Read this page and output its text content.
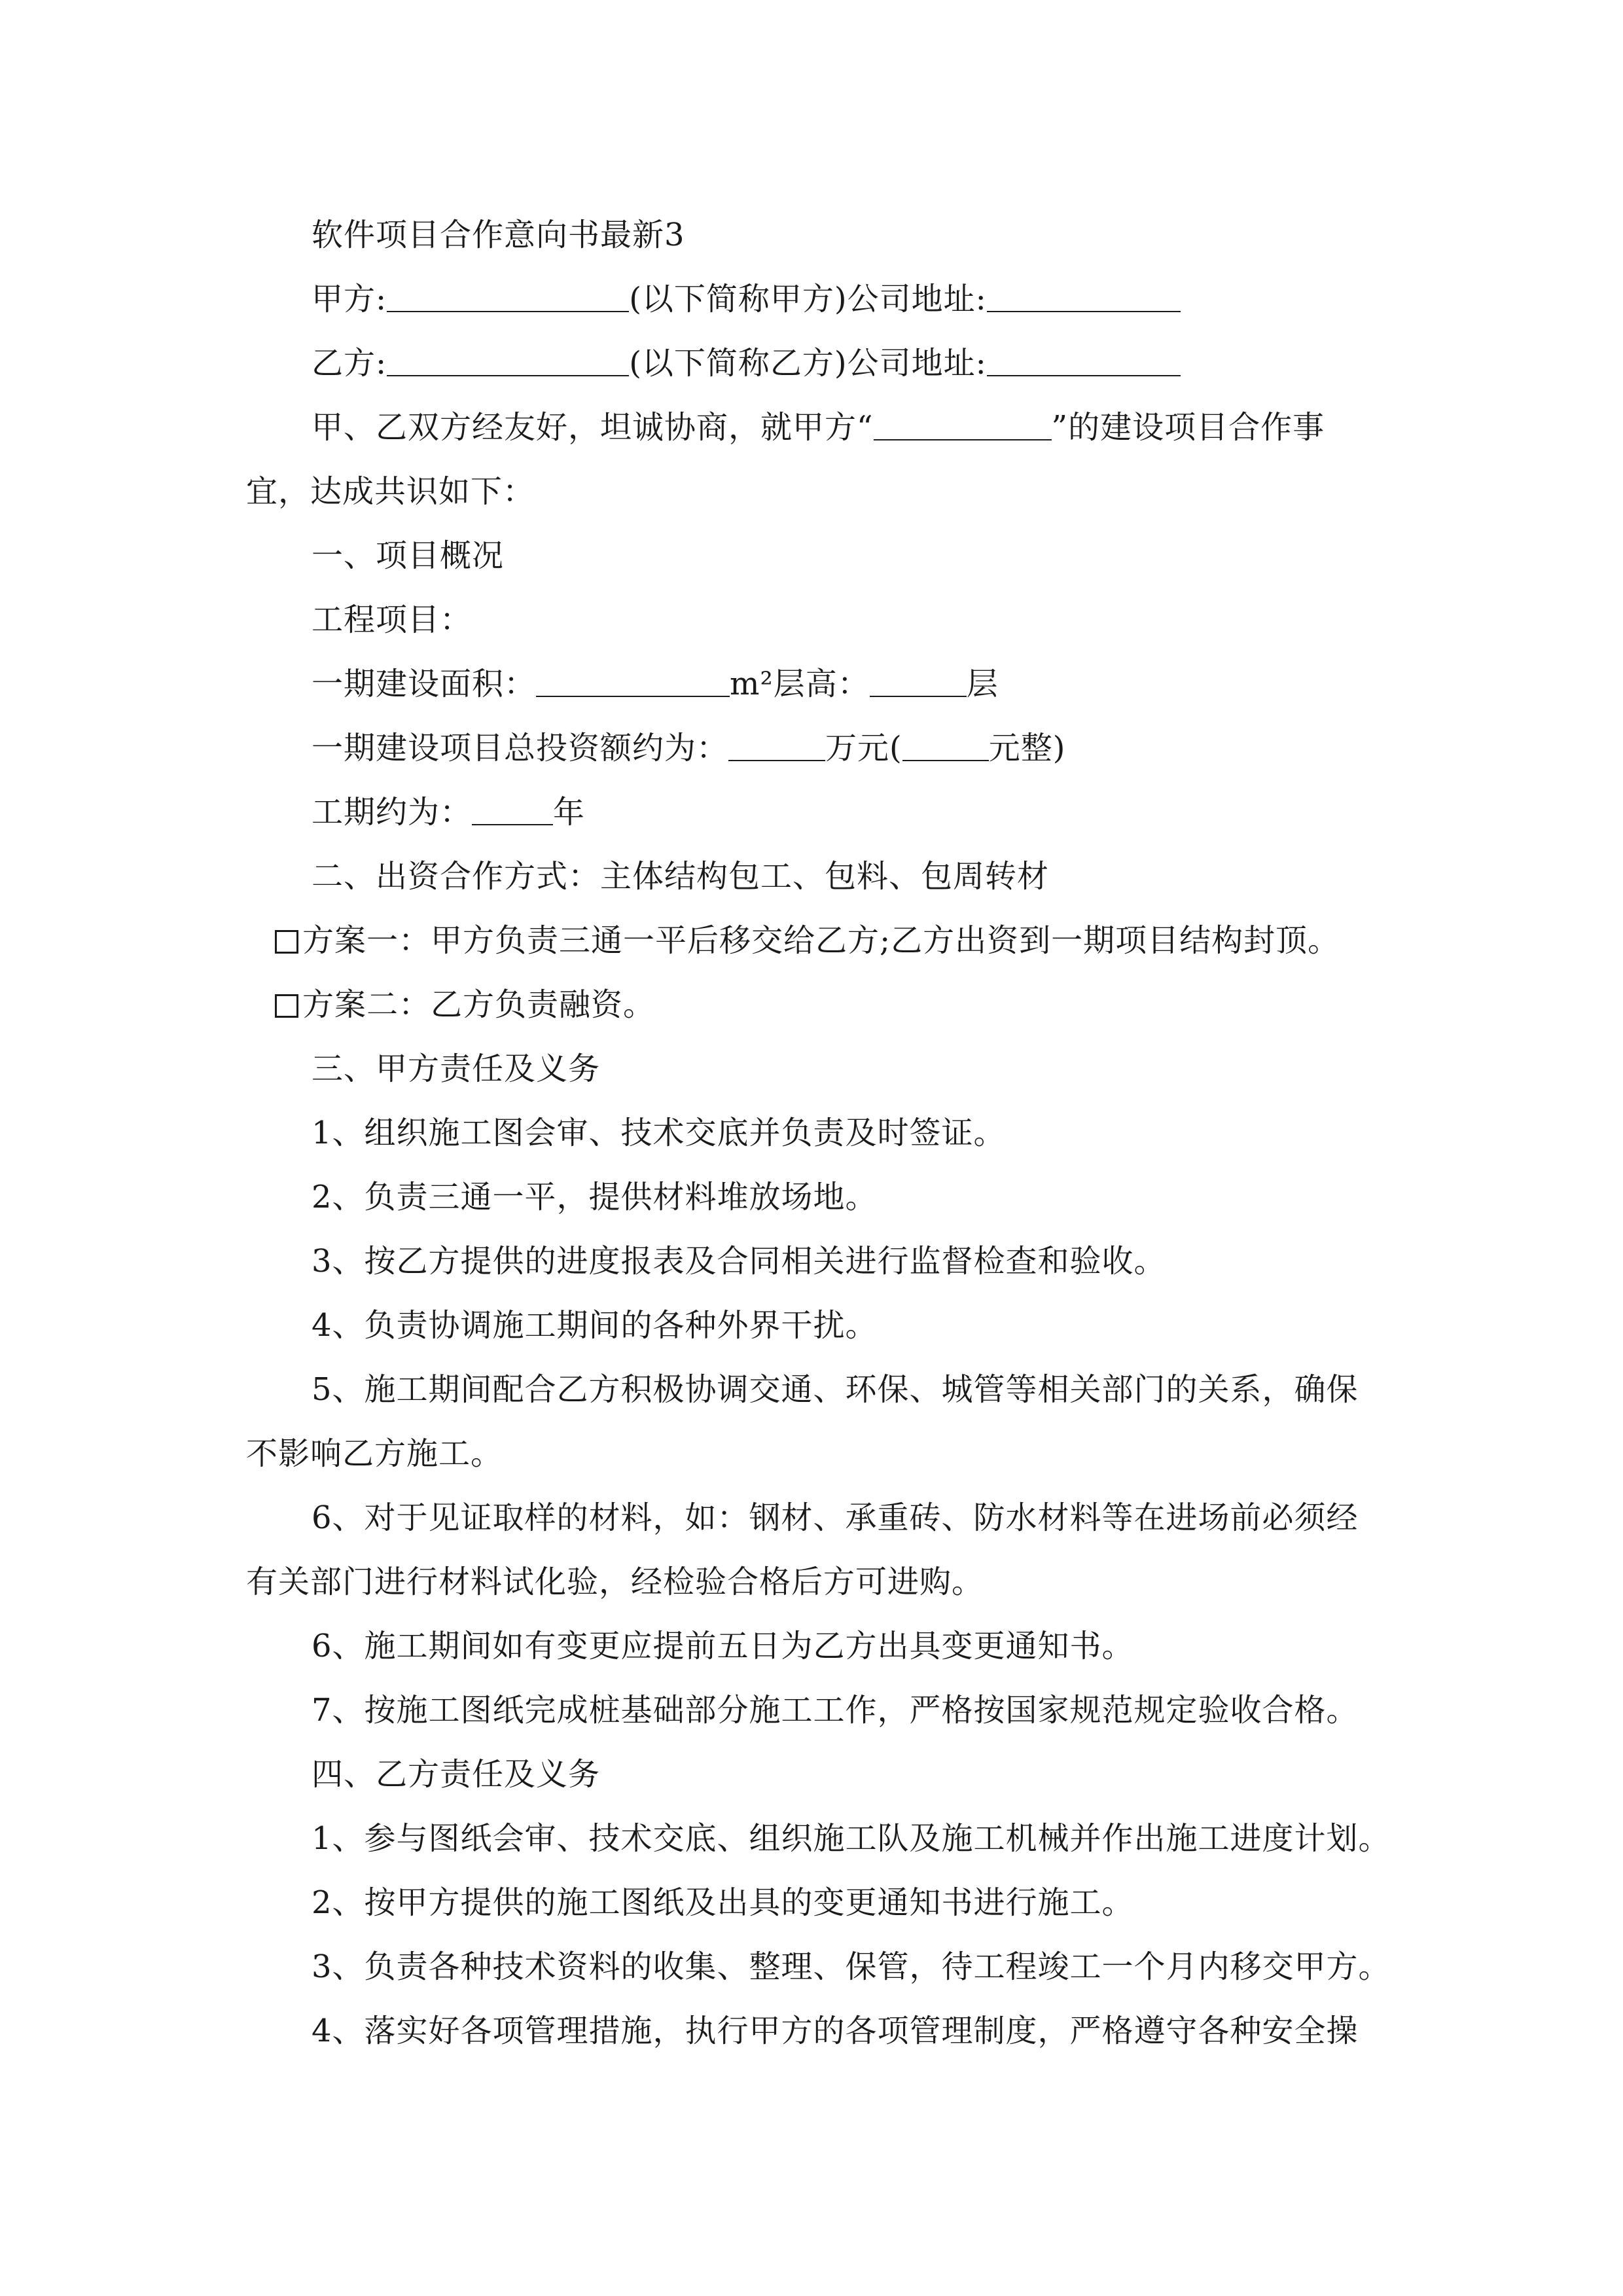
软件项目合作意向书最新3
甲方:	(以下简称甲方)公司地址:
乙方:	(以下简称乙方)公司地址:
甲、乙双方经友好，坦诚协商，就甲方“	”的建设项目合作事
宜，达成共识如下：
一、项目概况
工程项目：
一期建设面积：	m²层高：	层
一期建设项目总投资额约为：	万元(	元整)
工期约为：	年
二、出资合作方式：主体结构包工、包料、包周转材
方案一：甲方负责三通一平后移交给乙方;乙方出资到一期项目结构封顶。
方案二：乙方负责融资。
三、甲方责任及义务
1、组织施工图会审、技术交底并负责及时签证。
2、负责三通一平，提供材料堆放场地。
3、按乙方提供的进度报表及合同相关进行监督检查和验收。
4、负责协调施工期间的各种外界干扰。
5、施工期间配合乙方积极协调交通、环保、城管等相关部门的关系，确保
不影响乙方施工。
6、对于见证取样的材料，如：钢材、承重砖、防水材料等在进场前必须经
有关部门进行材料试化验，经检验合格后方可进购。
6、施工期间如有变更应提前五日为乙方出具变更通知书。
7、按施工图纸完成桩基础部分施工工作，严格按国家规范规定验收合格。
四、乙方责任及义务
1、参与图纸会审、技术交底、组织施工队及施工机械并作出施工进度计划。
2、按甲方提供的施工图纸及出具的变更通知书进行施工。
3、负责各种技术资料的收集、整理、保管，待工程竣工一个月内移交甲方。
4、落实好各项管理措施，执行甲方的各项管理制度，严格遵守各种安全操
